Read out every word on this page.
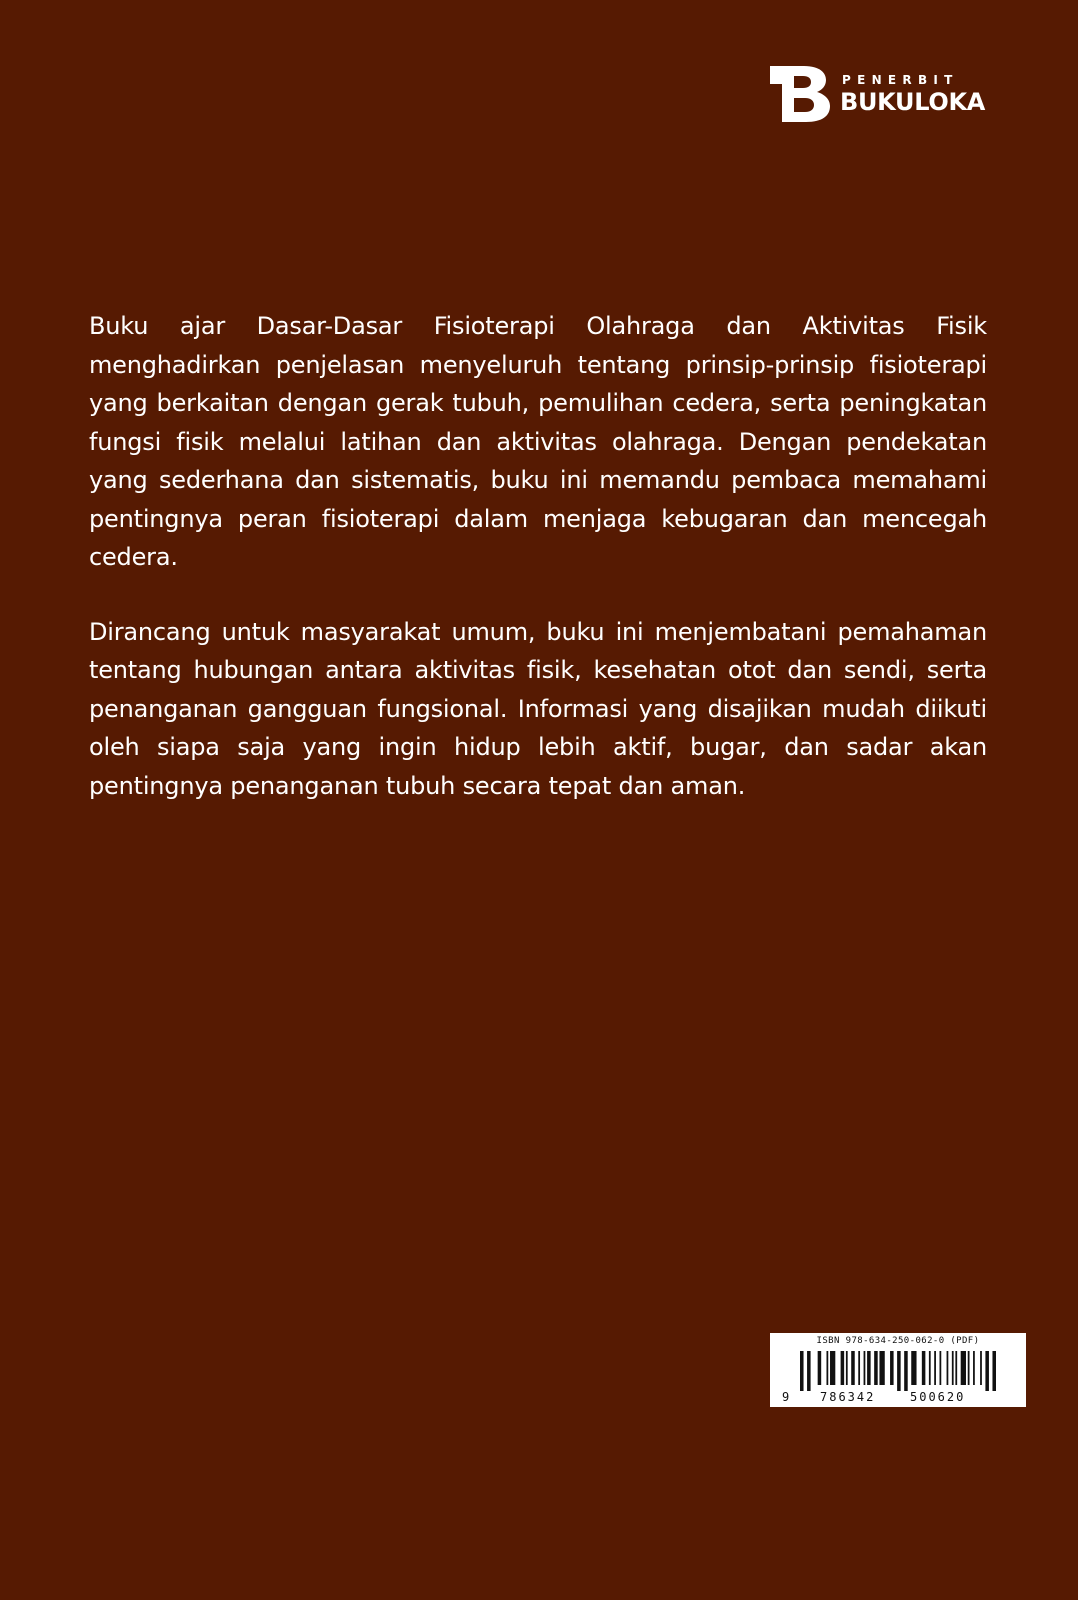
PENERBIT
BUKULOKA

Buku ajar Dasar-Dasar Fisioterapi Olahraga dan Aktivitas Fisik menghadirkan penjelasan menyeluruh tentang prinsip-prinsip fisioterapi yang berkaitan dengan gerak tubuh, pemulihan cedera, serta peningkatan fungsi fisik melalui latihan dan aktivitas olahraga. Dengan pendekatan yang sederhana dan sistematis, buku ini memandu pembaca memahami pentingnya peran fisioterapi dalam menjaga kebugaran dan mencegah cedera.

Dirancang untuk masyarakat umum, buku ini menjembatani pemahaman tentang hubungan antara aktivitas fisik, kesehatan otot dan sendi, serta penanganan gangguan fungsional. Informasi yang disajikan mudah diikuti oleh siapa saja yang ingin hidup lebih aktif, bugar, dan sadar akan pentingnya penanganan tubuh secara tepat dan aman.

ISBN 978-634-250-062-0 (PDF)
9	786342	500620
